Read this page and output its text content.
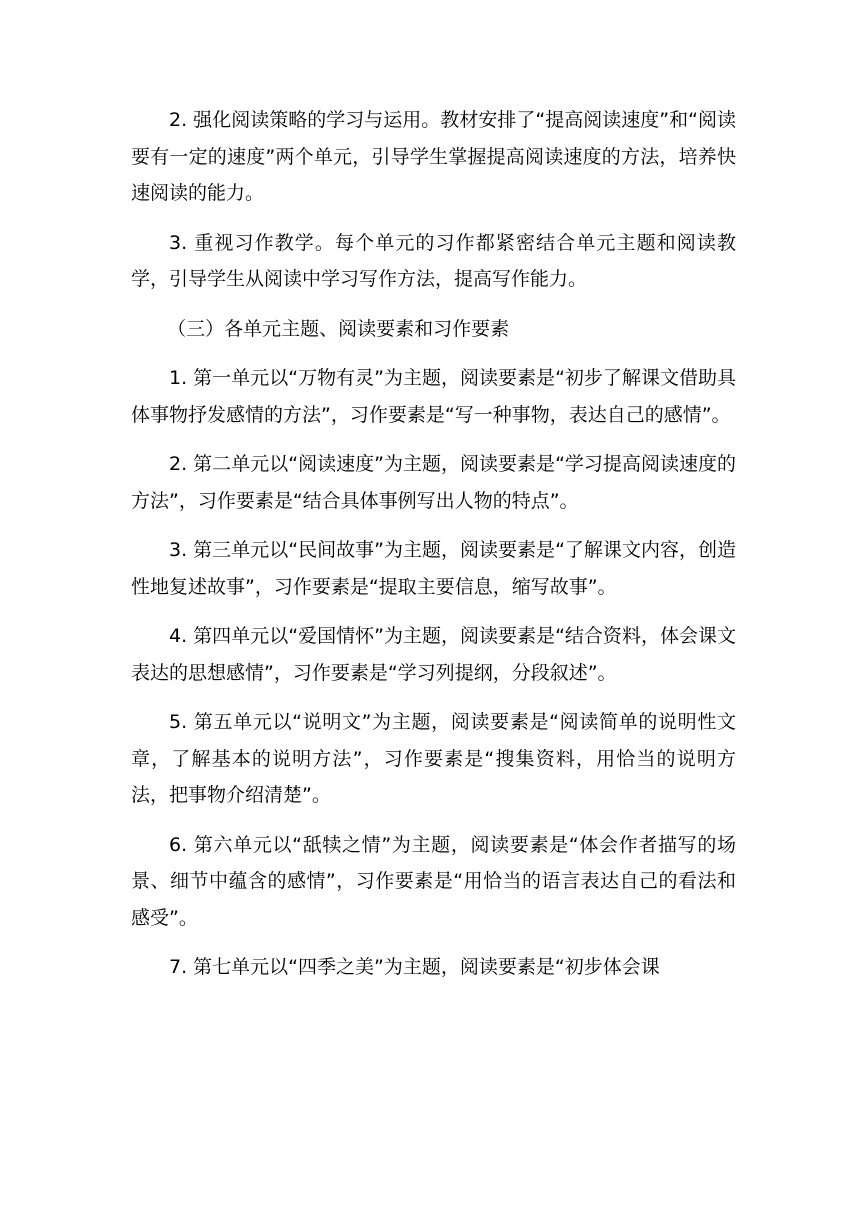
2. 强化阅读策略的学习与运用。教材安排了“提高阅读速度”和“阅读要有一定的速度”两个单元，引导学生掌握提高阅读速度的方法，培养快速阅读的能力。

3. 重视习作教学。每个单元的习作都紧密结合单元主题和阅读教学，引导学生从阅读中学习写作方法，提高写作能力。

（三）各单元主题、阅读要素和习作要素

1. 第一单元以“万物有灵”为主题，阅读要素是“初步了解课文借助具体事物抒发感情的方法”，习作要素是“写一种事物，表达自己的感情”。

2. 第二单元以“阅读速度”为主题，阅读要素是“学习提高阅读速度的方法”，习作要素是“结合具体事例写出人物的特点”。

3. 第三单元以“民间故事”为主题，阅读要素是“了解课文内容，创造性地复述故事”，习作要素是“提取主要信息，缩写故事”。

4. 第四单元以“爱国情怀”为主题，阅读要素是“结合资料，体会课文表达的思想感情”，习作要素是“学习列提纲，分段叙述”。

5. 第五单元以“说明文”为主题，阅读要素是“阅读简单的说明性文章，了解基本的说明方法”，习作要素是“搜集资料，用恰当的说明方法，把事物介绍清楚”。

6. 第六单元以“舐犊之情”为主题，阅读要素是“体会作者描写的场景、细节中蕴含的感情”，习作要素是“用恰当的语言表达自己的看法和感受”。

7. 第七单元以“四季之美”为主题，阅读要素是“初步体会课
